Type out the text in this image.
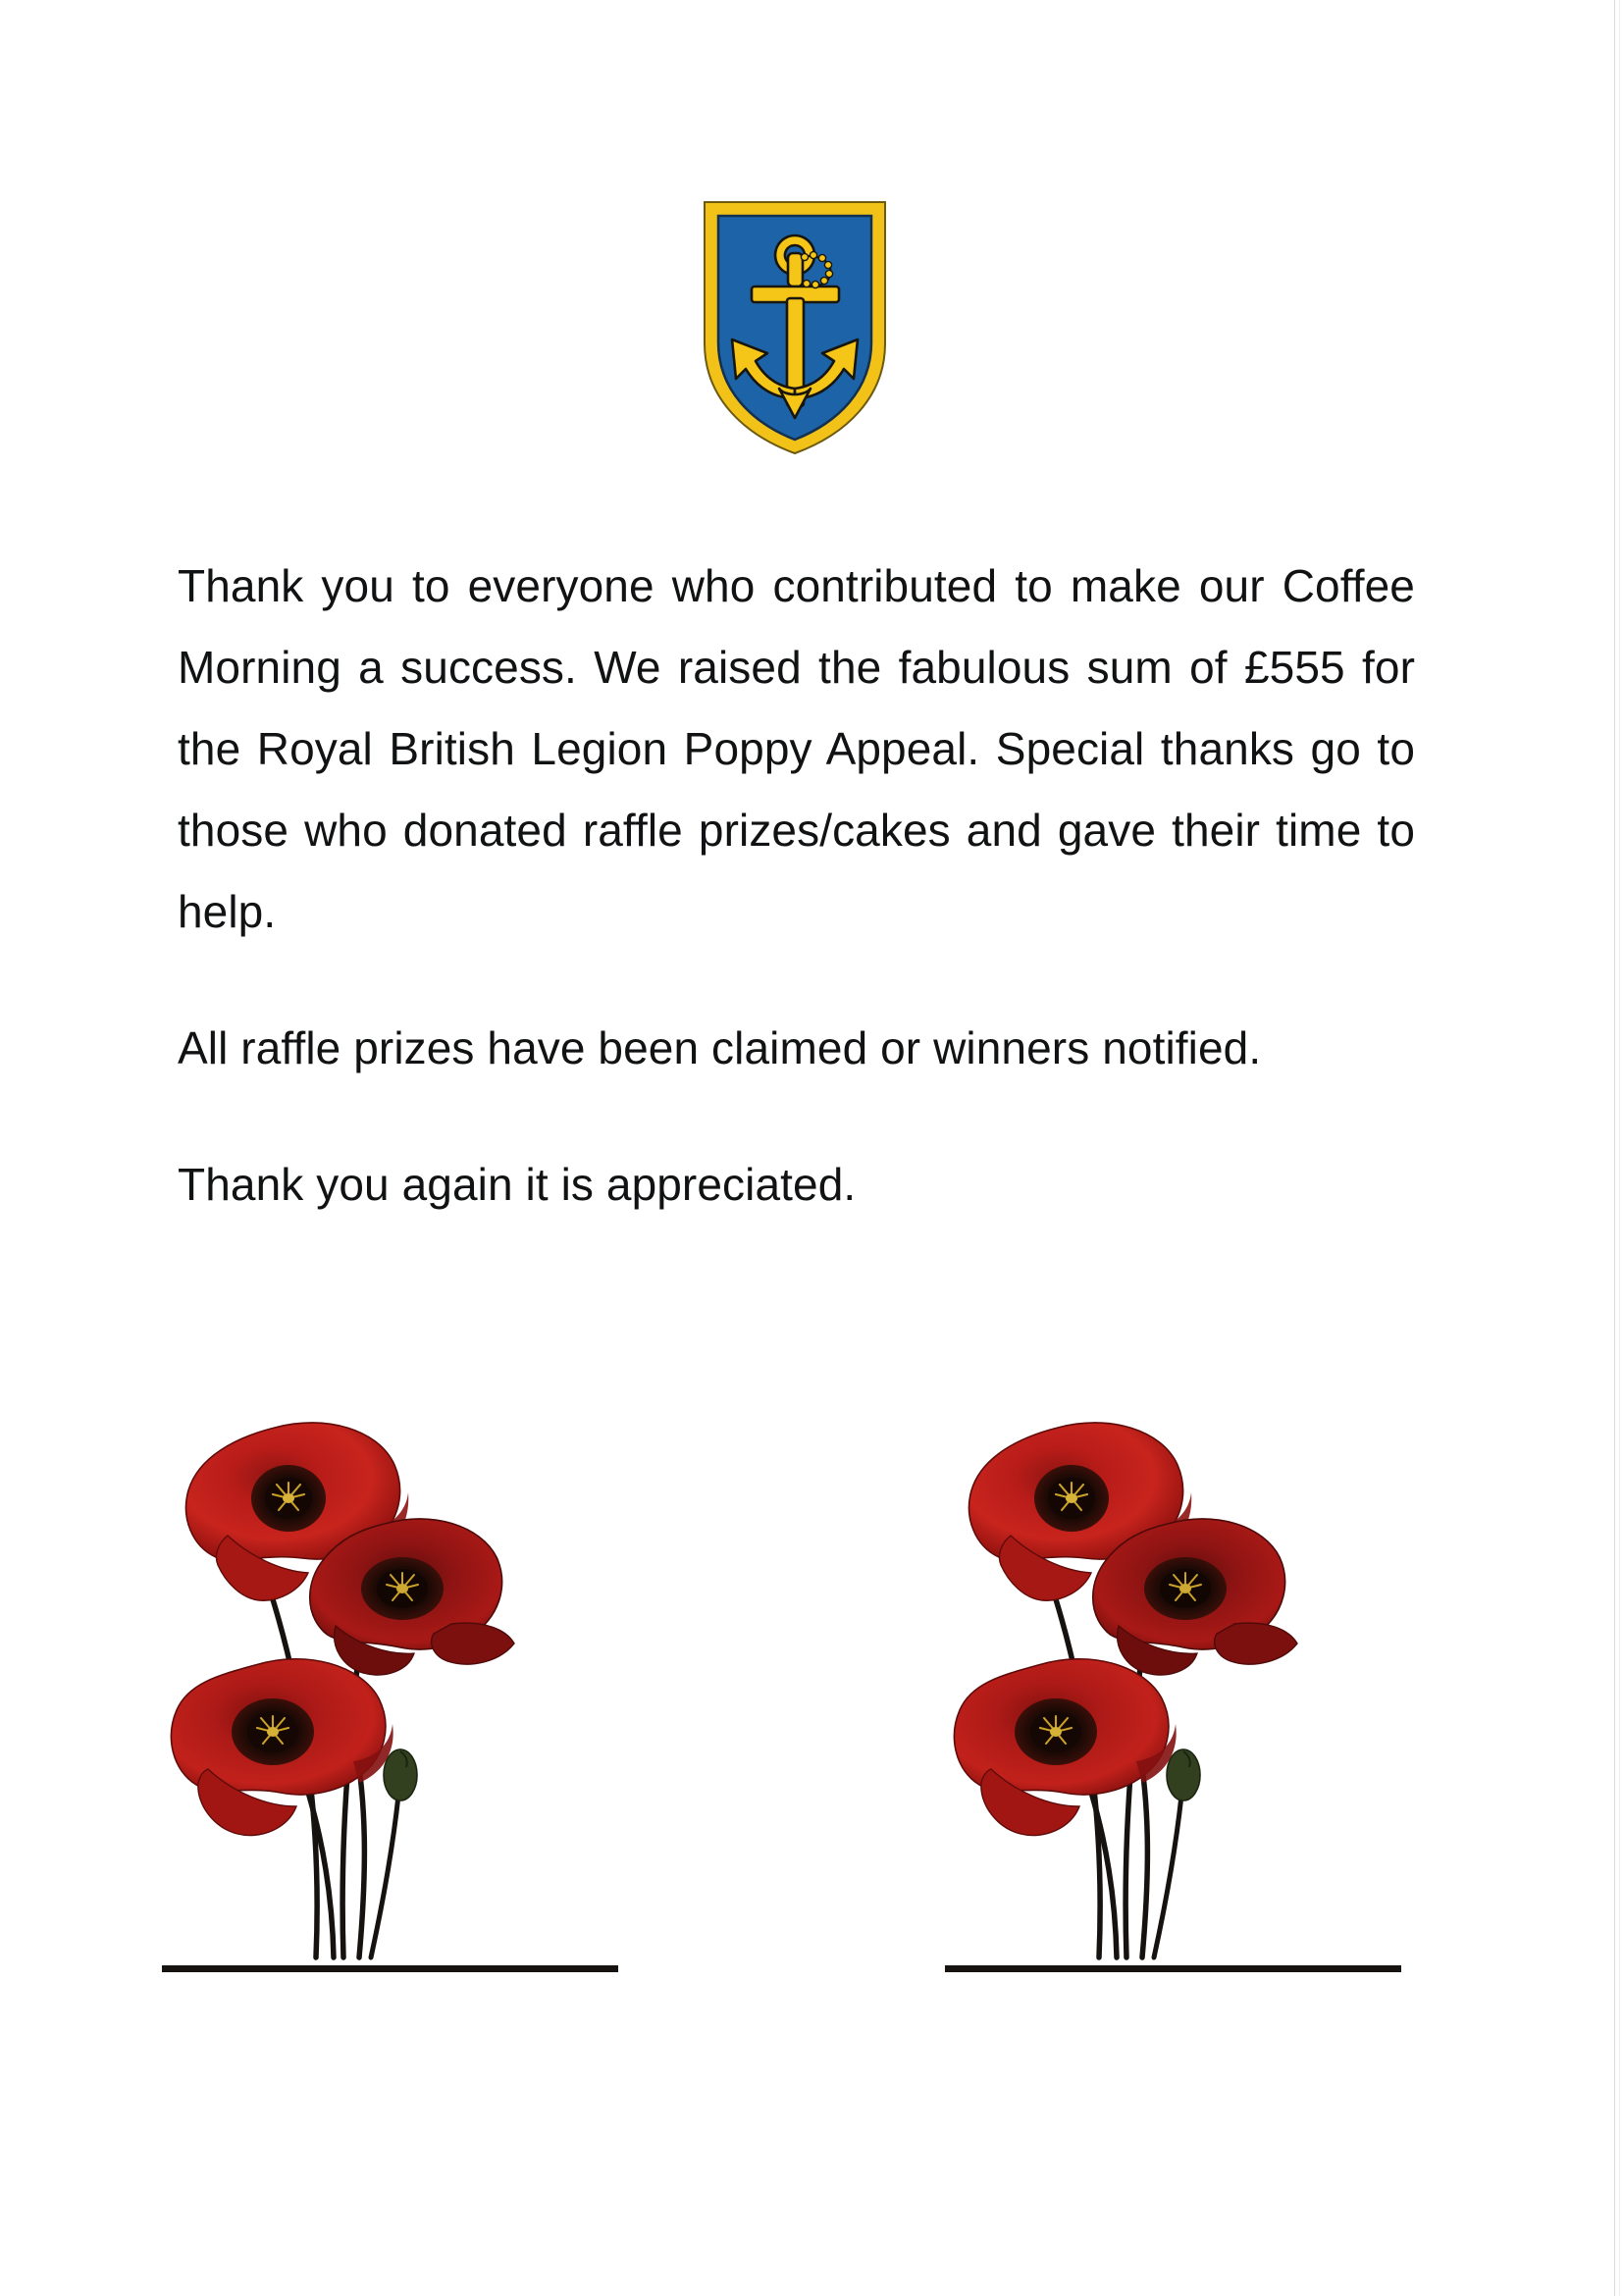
Thank you to everyone who contributed to make our Coffee Morning a success. We raised the fabulous sum of £555 for the Royal British Legion Poppy Appeal. Special thanks go to those who donated raffle prizes/cakes and gave their time to help.

All raffle prizes have been claimed or winners notified.

Thank you again it is appreciated.
